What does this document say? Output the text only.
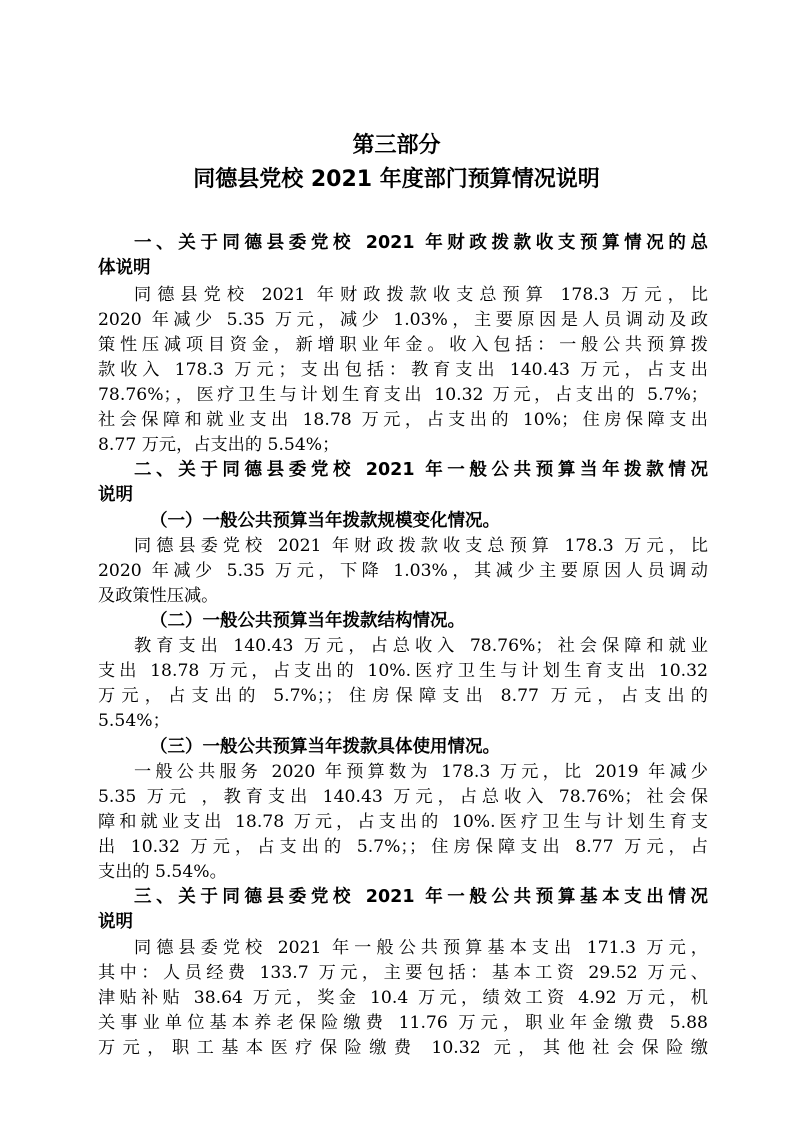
第三部分
同德县党校 2021 年度部门预算情况说明
一、关于同德县委党校 2021 年财政拨款收支预算情况的总
体说明
同德县党校 2021 年财政拨款收支总预算 178.3 万元，比
2020 年减少 5.35 万元，减少 1.03%，主要原因是人员调动及政
策性压减项目资金，新增职业年金。收入包括：一般公共预算拨
款收入 178.3 万元；支出包括：教育支出 140.43 万元，占支出
78.76%；，医疗卫生与计划生育支出 10.32 万元，占支出的 5.7%；
社会保障和就业支出 18.78 万元，占支出的 10%；住房保障支出
8.77 万元，占支出的 5.54%；
二、关于同德县委党校 2021 年一般公共预算当年拨款情况
说明
（一）一般公共预算当年拨款规模变化情况。
同德县委党校 2021 年财政拨款收支总预算 178.3 万元，比
2020 年减少 5.35 万元，下降 1.03%，其减少主要原因人员调动
及政策性压减。
（二）一般公共预算当年拨款结构情况。
教育支出 140.43 万元，占总收入 78.76%；社会保障和就业
支出 18.78 万元，占支出的 10%.医疗卫生与计划生育支出 10.32
万元，占支出的 5.7%；；住房保障支出 8.77 万元，占支出的
5.54%；
（三）一般公共预算当年拨款具体使用情况。
一般公共服务 2020 年预算数为 178.3 万元，比 2019 年减少
5.35 万元 ，教育支出 140.43 万元，占总收入 78.76%；社会保
障和就业支出 18.78 万元，占支出的 10%.医疗卫生与计划生育支
出 10.32 万元，占支出的 5.7%；；住房保障支出 8.77 万元，占
支出的 5.54%。
三、关于同德县委党校 2021 年一般公共预算基本支出情况
说明
同德县委党校 2021 年一般公共预算基本支出 171.3 万元，
其中：人员经费 133.7 万元，主要包括：基本工资 29.52 万元、
津贴补贴 38.64 万元，奖金 10.4 万元，绩效工资 4.92 万元，机
关事业单位基本养老保险缴费 11.76 万元，职业年金缴费 5.88
万元，职工基本医疗保险缴费 10.32 元，其他社会保险缴
